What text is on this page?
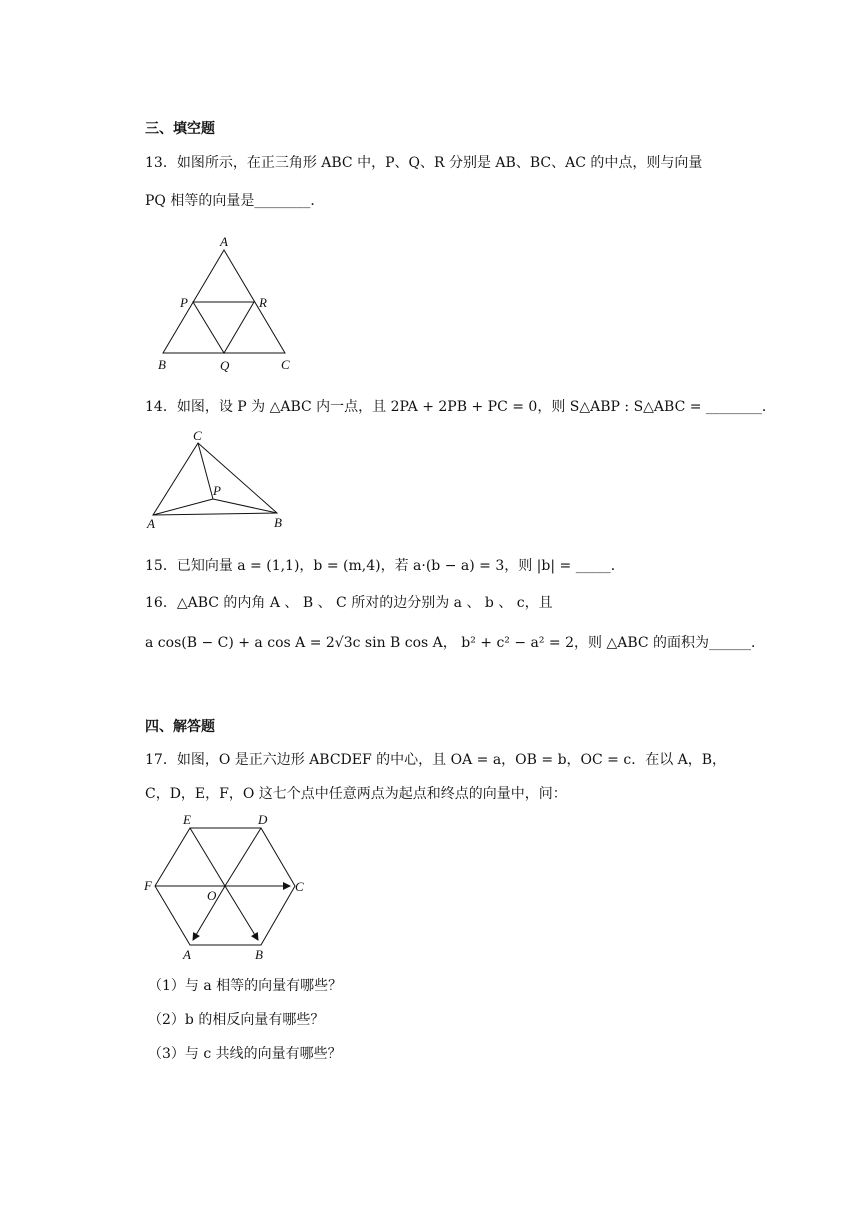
三、填空题
13．如图所示，在正三角形 ABC 中，P、Q、R 分别是 AB、BC、AC 的中点，则与向量
PQ 相等的向量是________．
A
B	C
P	R
Q
14．如图，设 P 为 △ABC 内一点，且 2PA + 2PB + PC = 0，则 S△ABP : S△ABC = ________．
C
A	B
P
15．已知向量 a = (1,1)，b = (m,4)，若 a·(b − a) = 3，则 |b| = _____．
16．△ABC 的内角 A 、 B 、 C 所对的边分别为 a 、 b 、 c，且
a cos(B − C) + a cos A = 2√3c sin B cos A， b² + c² − a² = 2，则 △ABC 的面积为______．
四、解答题
17．如图，O 是正六边形 ABCDEF 的中心，且 OA = a，OB = b，OC = c．在以 A，B，
C，D，E，F，O 这七个点中任意两点为起点和终点的向量中，问：
E	D
F	C
O
A	B
（1）与 a 相等的向量有哪些？
（2）b 的相反向量有哪些？
（3）与 c 共线的向量有哪些？
